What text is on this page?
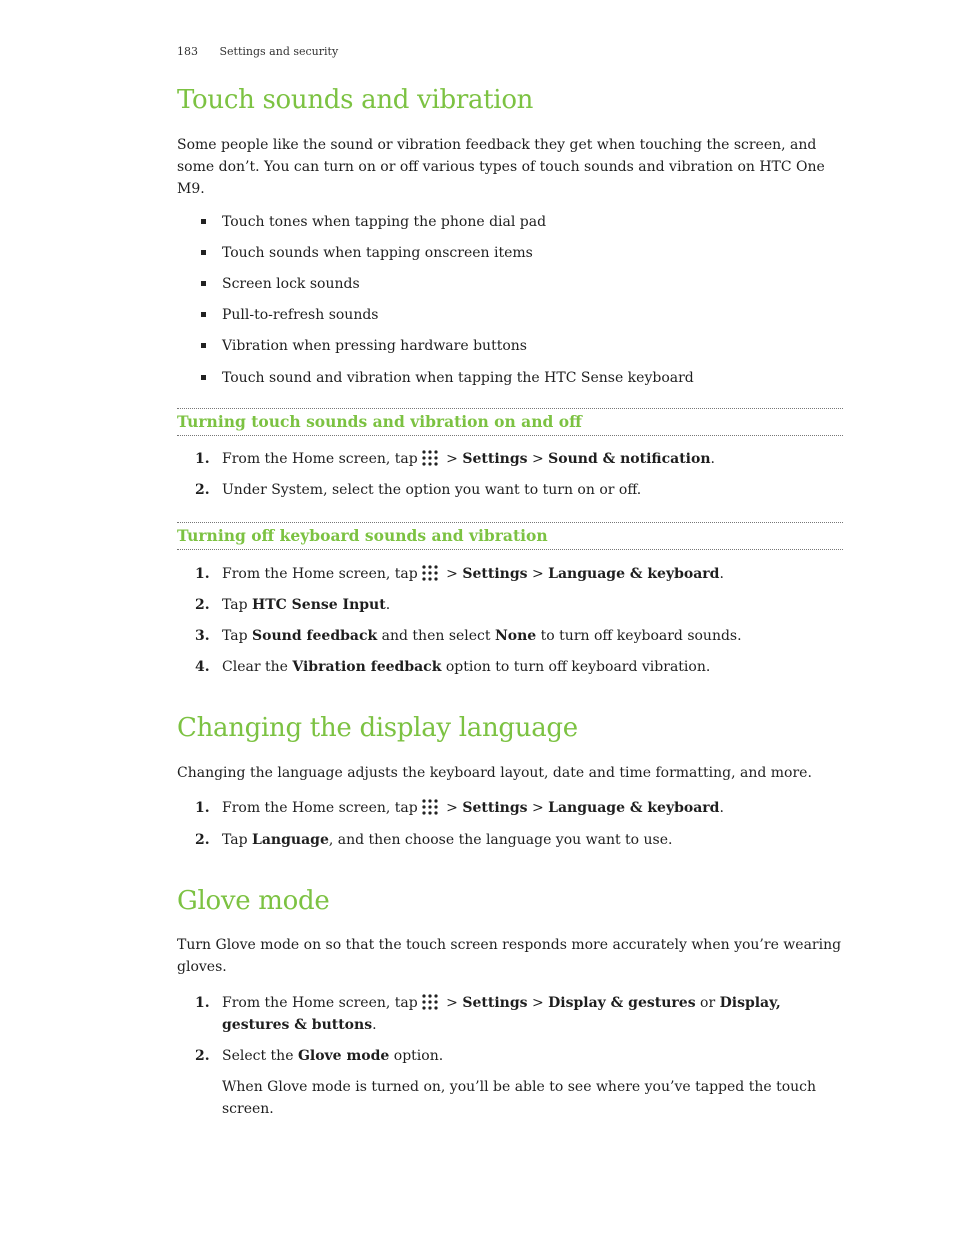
183 Settings and security
Touch sounds and vibration

Some people like the sound or vibration feedback they get when touching the screen, and some don’t. You can turn on or off various types of touch sounds and vibration on HTC One M9.

Touch tones when tapping the phone dial pad
Touch sounds when tapping onscreen items
Screen lock sounds
Pull-to-refresh sounds
Vibration when pressing hardware buttons
Touch sound and vibration when tapping the HTC Sense keyboard
Turning touch sounds and vibration on and off
1. From the Home screen, tap > Settings > Sound & notification.
2. Under System, select the option you want to turn on or off.
Turning off keyboard sounds and vibration
1. From the Home screen, tap > Settings > Language & keyboard.
2. Tap HTC Sense Input.
3. Tap Sound feedback and then select None to turn off keyboard sounds.
4. Clear the Vibration feedback option to turn off keyboard vibration.
Changing the display language

Changing the language adjusts the keyboard layout, date and time formatting, and more.

1. From the Home screen, tap > Settings > Language & keyboard.
2. Tap Language, and then choose the language you want to use.
Glove mode

Turn Glove mode on so that the touch screen responds more accurately when you’re wearing gloves.

1. From the Home screen, tap > Settings > Display & gestures or Display, gestures & buttons.
2. Select the Glove mode option.
When Glove mode is turned on, you’ll be able to see where you’ve tapped the touch screen.
